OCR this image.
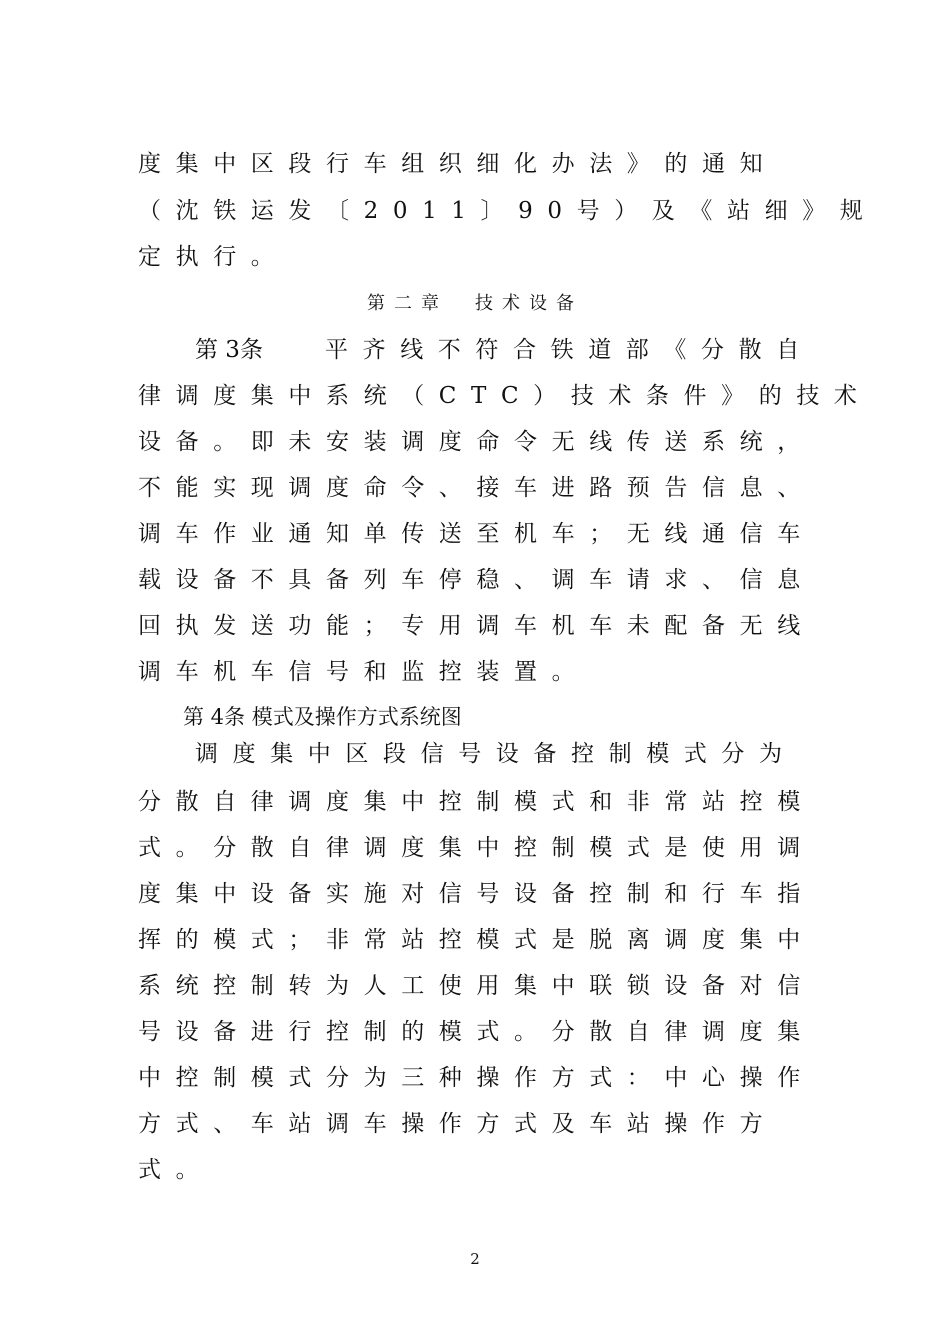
度集中区段行车组织细化办法》的通知
（沈铁运发〔2011〕90号）及《站细》规
定执行。
第二章　技术设备
第 3条	平齐线不符合铁道部《分散自
律调度集中系统（CTC）技术条件》的技术
设备。即未安装调度命令无线传送系统，
不能实现调度命令、接车进路预告信息、
调车作业通知单传送至机车；无线通信车
载设备不具备列车停稳、调车请求、信息
回执发送功能；专用调车机车未配备无线
调车机车信号和监控装置。
第 4条 模式及操作方式系统图
调度集中区段信号设备控制模式分为
分散自律调度集中控制模式和非常站控模
式。分散自律调度集中控制模式是使用调
度集中设备实施对信号设备控制和行车指
挥的模式；非常站控模式是脱离调度集中
系统控制转为人工使用集中联锁设备对信
号设备进行控制的模式。分散自律调度集
中控制模式分为三种操作方式：中心操作
方式、车站调车操作方式及车站操作方
式。
2
